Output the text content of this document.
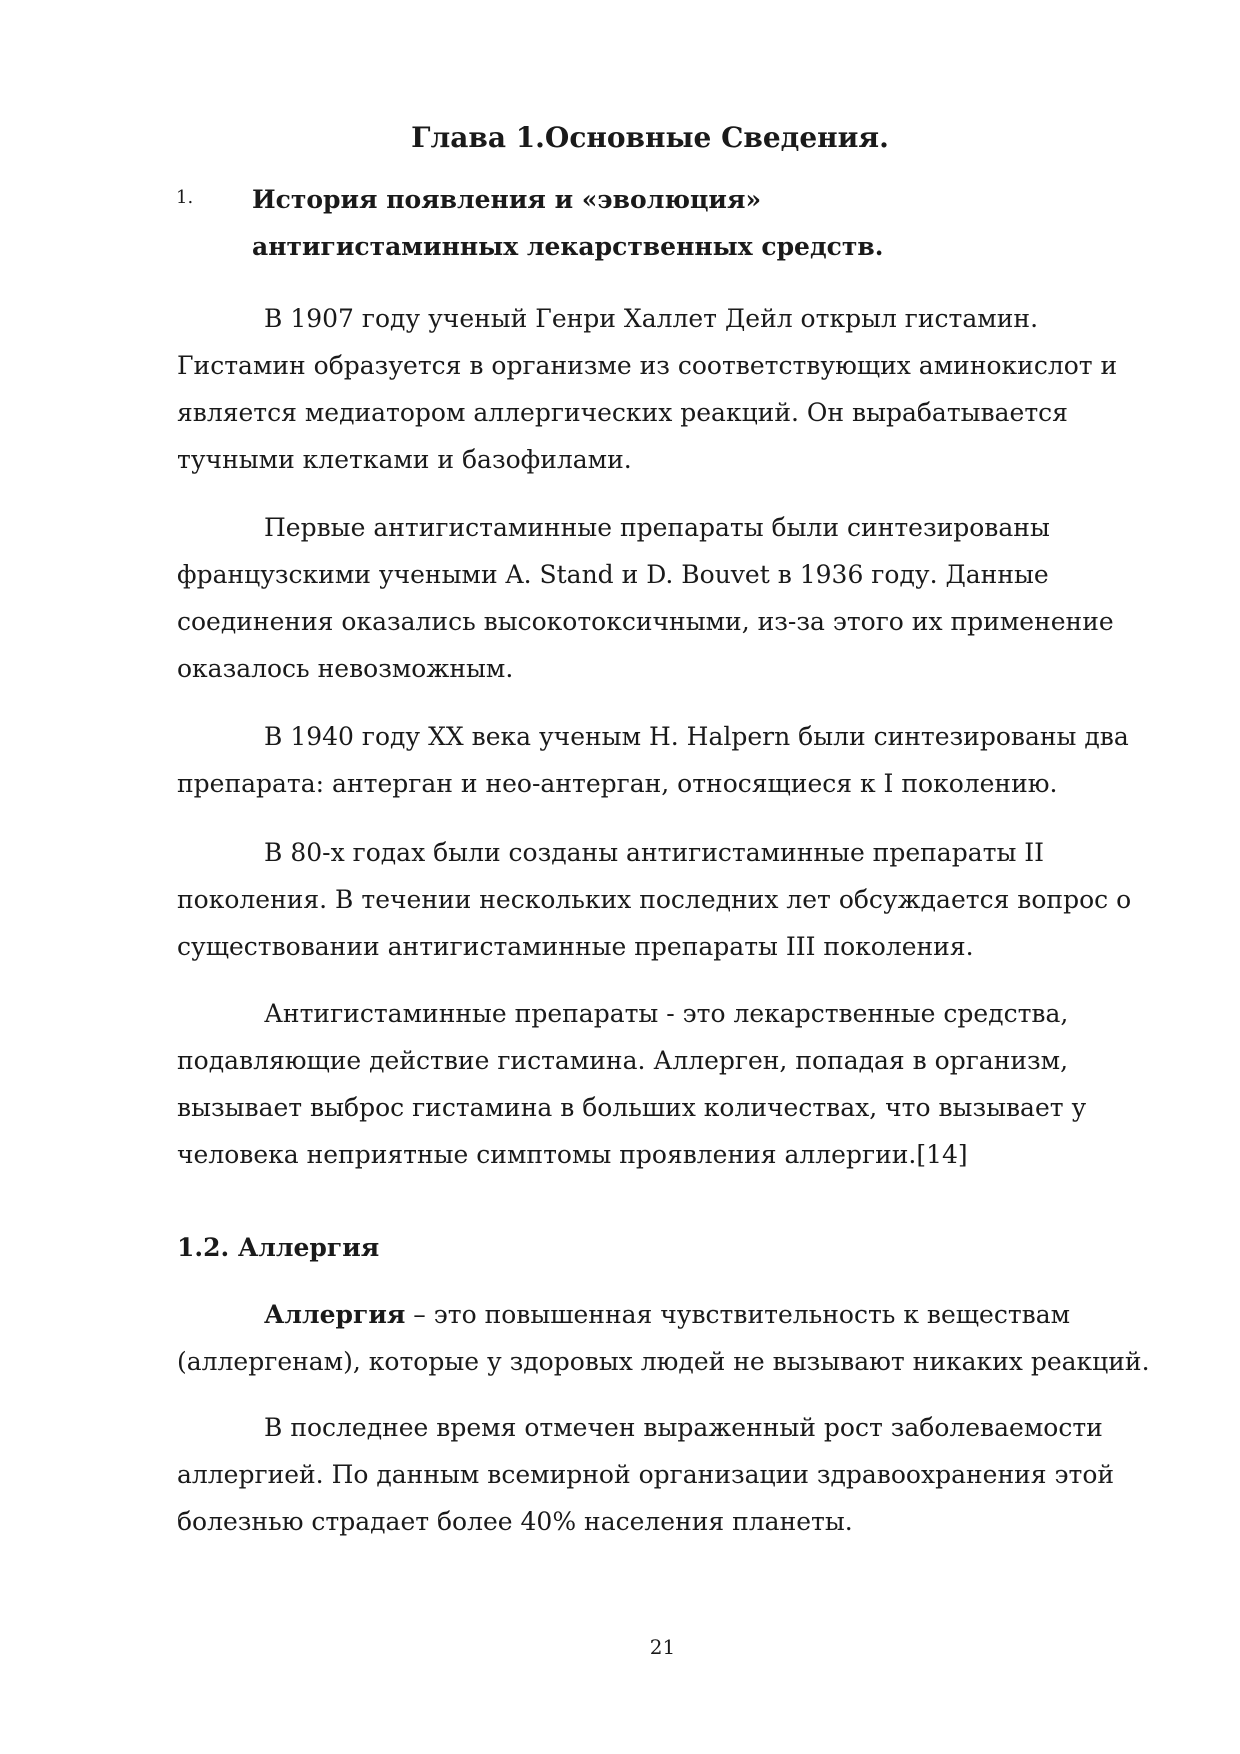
Глава 1.Основные Сведения.
1. История появления и «эволюция» антигистаминных лекарственных средств.

В 1907 году ученый Генри Халлет Дейл открыл гистамин. Гистамин образуется в организме из соответствующих аминокислот и является медиатором аллергических реакций. Он вырабатывается тучными клетками и базофилами.

Первые антигистаминные препараты были синтезированы французскими учеными A. Stand и D. Bouvet в 1936 году. Данные соединения оказались высокотоксичными, из-за этого их применение оказалось невозможным.

В 1940 году XX века ученым H. Halpern были синтезированы два препарата: антерган и нео-антерган, относящиеся к I поколению.

В 80-х годах были созданы антигистаминные препараты II поколения. В течении нескольких последних лет обсуждается вопрос о существовании антигистаминные препараты III поколения.

Антигистаминные препараты - это лекарственные средства, подавляющие действие гистамина. Аллерген, попадая в организм, вызывает выброс гистамина в больших количествах, что вызывает у человека неприятные симптомы проявления аллергии.[14]

1.2. Аллергия

Аллергия – это повышенная чувствительность к веществам (аллергенам), которые у здоровых людей не вызывают никаких реакций.

В последнее время отмечен выраженный рост заболеваемости аллергией. По данным всемирной организации здравоохранения этой болезнью страдает более 40% населения планеты.

21
